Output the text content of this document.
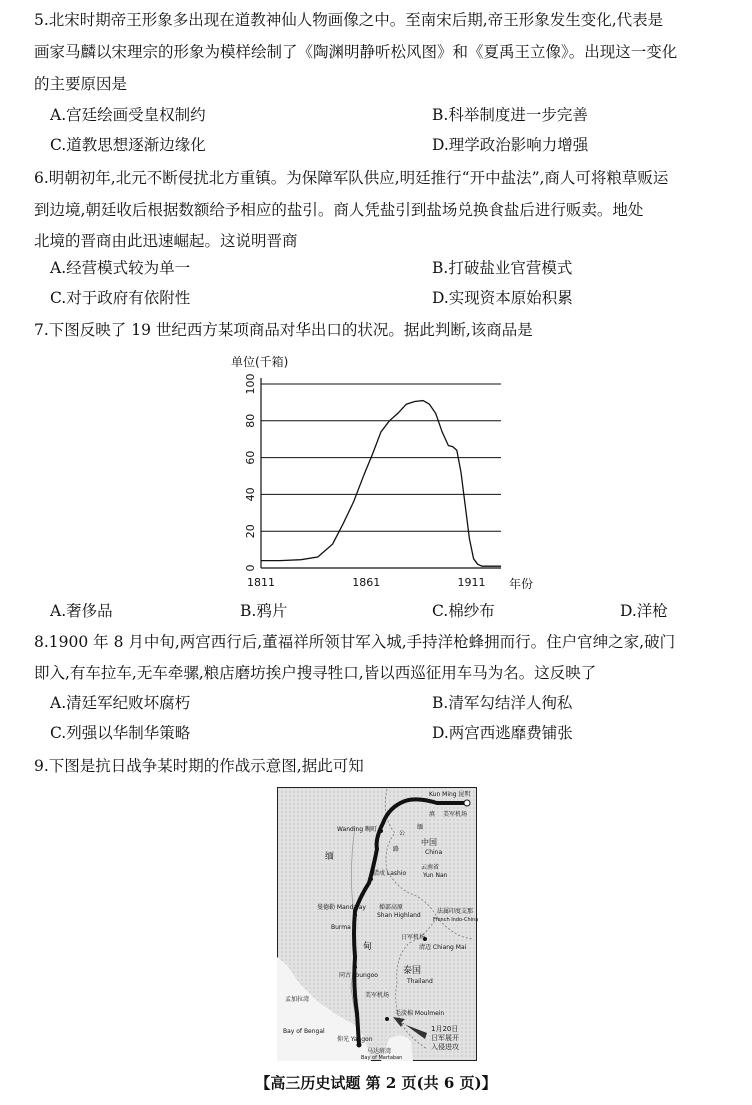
5.北宋时期帝王形象多出现在道教神仙人物画像之中。至南宋后期,帝王形象发生变化,代表是
画家马麟以宋理宗的形象为模样绘制了《陶渊明静听松风图》和《夏禹王立像》。出现这一变化
的主要原因是
A.宫廷绘画受皇权制约	B.科举制度进一步完善
C.道教思想逐渐边缘化	D.理学政治影响力增强
6.明朝初年,北元不断侵扰北方重镇。为保障军队供应,明廷推行“开中盐法”,商人可将粮草贩运
到边境,朝廷收后根据数额给予相应的盐引。商人凭盐引到盐场兑换食盐后进行贩卖。地处
北境的晋商由此迅速崛起。这说明晋商
A.经营模式较为单一	B.打破盐业官营模式
C.对于政府有依附性	D.实现资本原始积累
7.下图反映了 19 世纪西方某项商品对华出口的状况。据此判断,该商品是
单位(千箱)
年份
0
20
40
60
80
100
1811	1861	1911
A.奢侈品	B.鸦片	C.棉纱布	D.洋枪
8.1900 年 8 月中旬,两宫西行后,董福祥所领甘军入城,手持洋枪蜂拥而行。住户官绅之家,破门
即入,有车拉车,无车牵骡,粮店磨坊挨户搜寻牲口,皆以西巡征用车马为名。这反映了
A.清廷军纪败坏腐朽	B.清军勾结洋人徇私
C.列强以华制华策略	D.两宫西逃靡费铺张
9.下图是抗日战争某时期的作战示意图,据此可知
Kun Ming 昆明
美军机场
滇
缅
公
路
Wanding 畹町
中国
China
云南省
Yun Nan
缅
腊戍 Lashio
曼德勒 Mandalay
Burma
掸部高原
Shan Highland
法属印度支那
French Indo-China
日军机场
清迈 Chiang Mai
甸
同古 Toungoo	泰国
Thailand
美军机场
孟加拉湾
Bay of Bengal
仰光 Yangon
毛淡棉 Moulmein
1月20日
日军展开
入侵进攻
马达班湾
Bay of Martaban
【高三历史试题 第 2 页(共 6 页)】
